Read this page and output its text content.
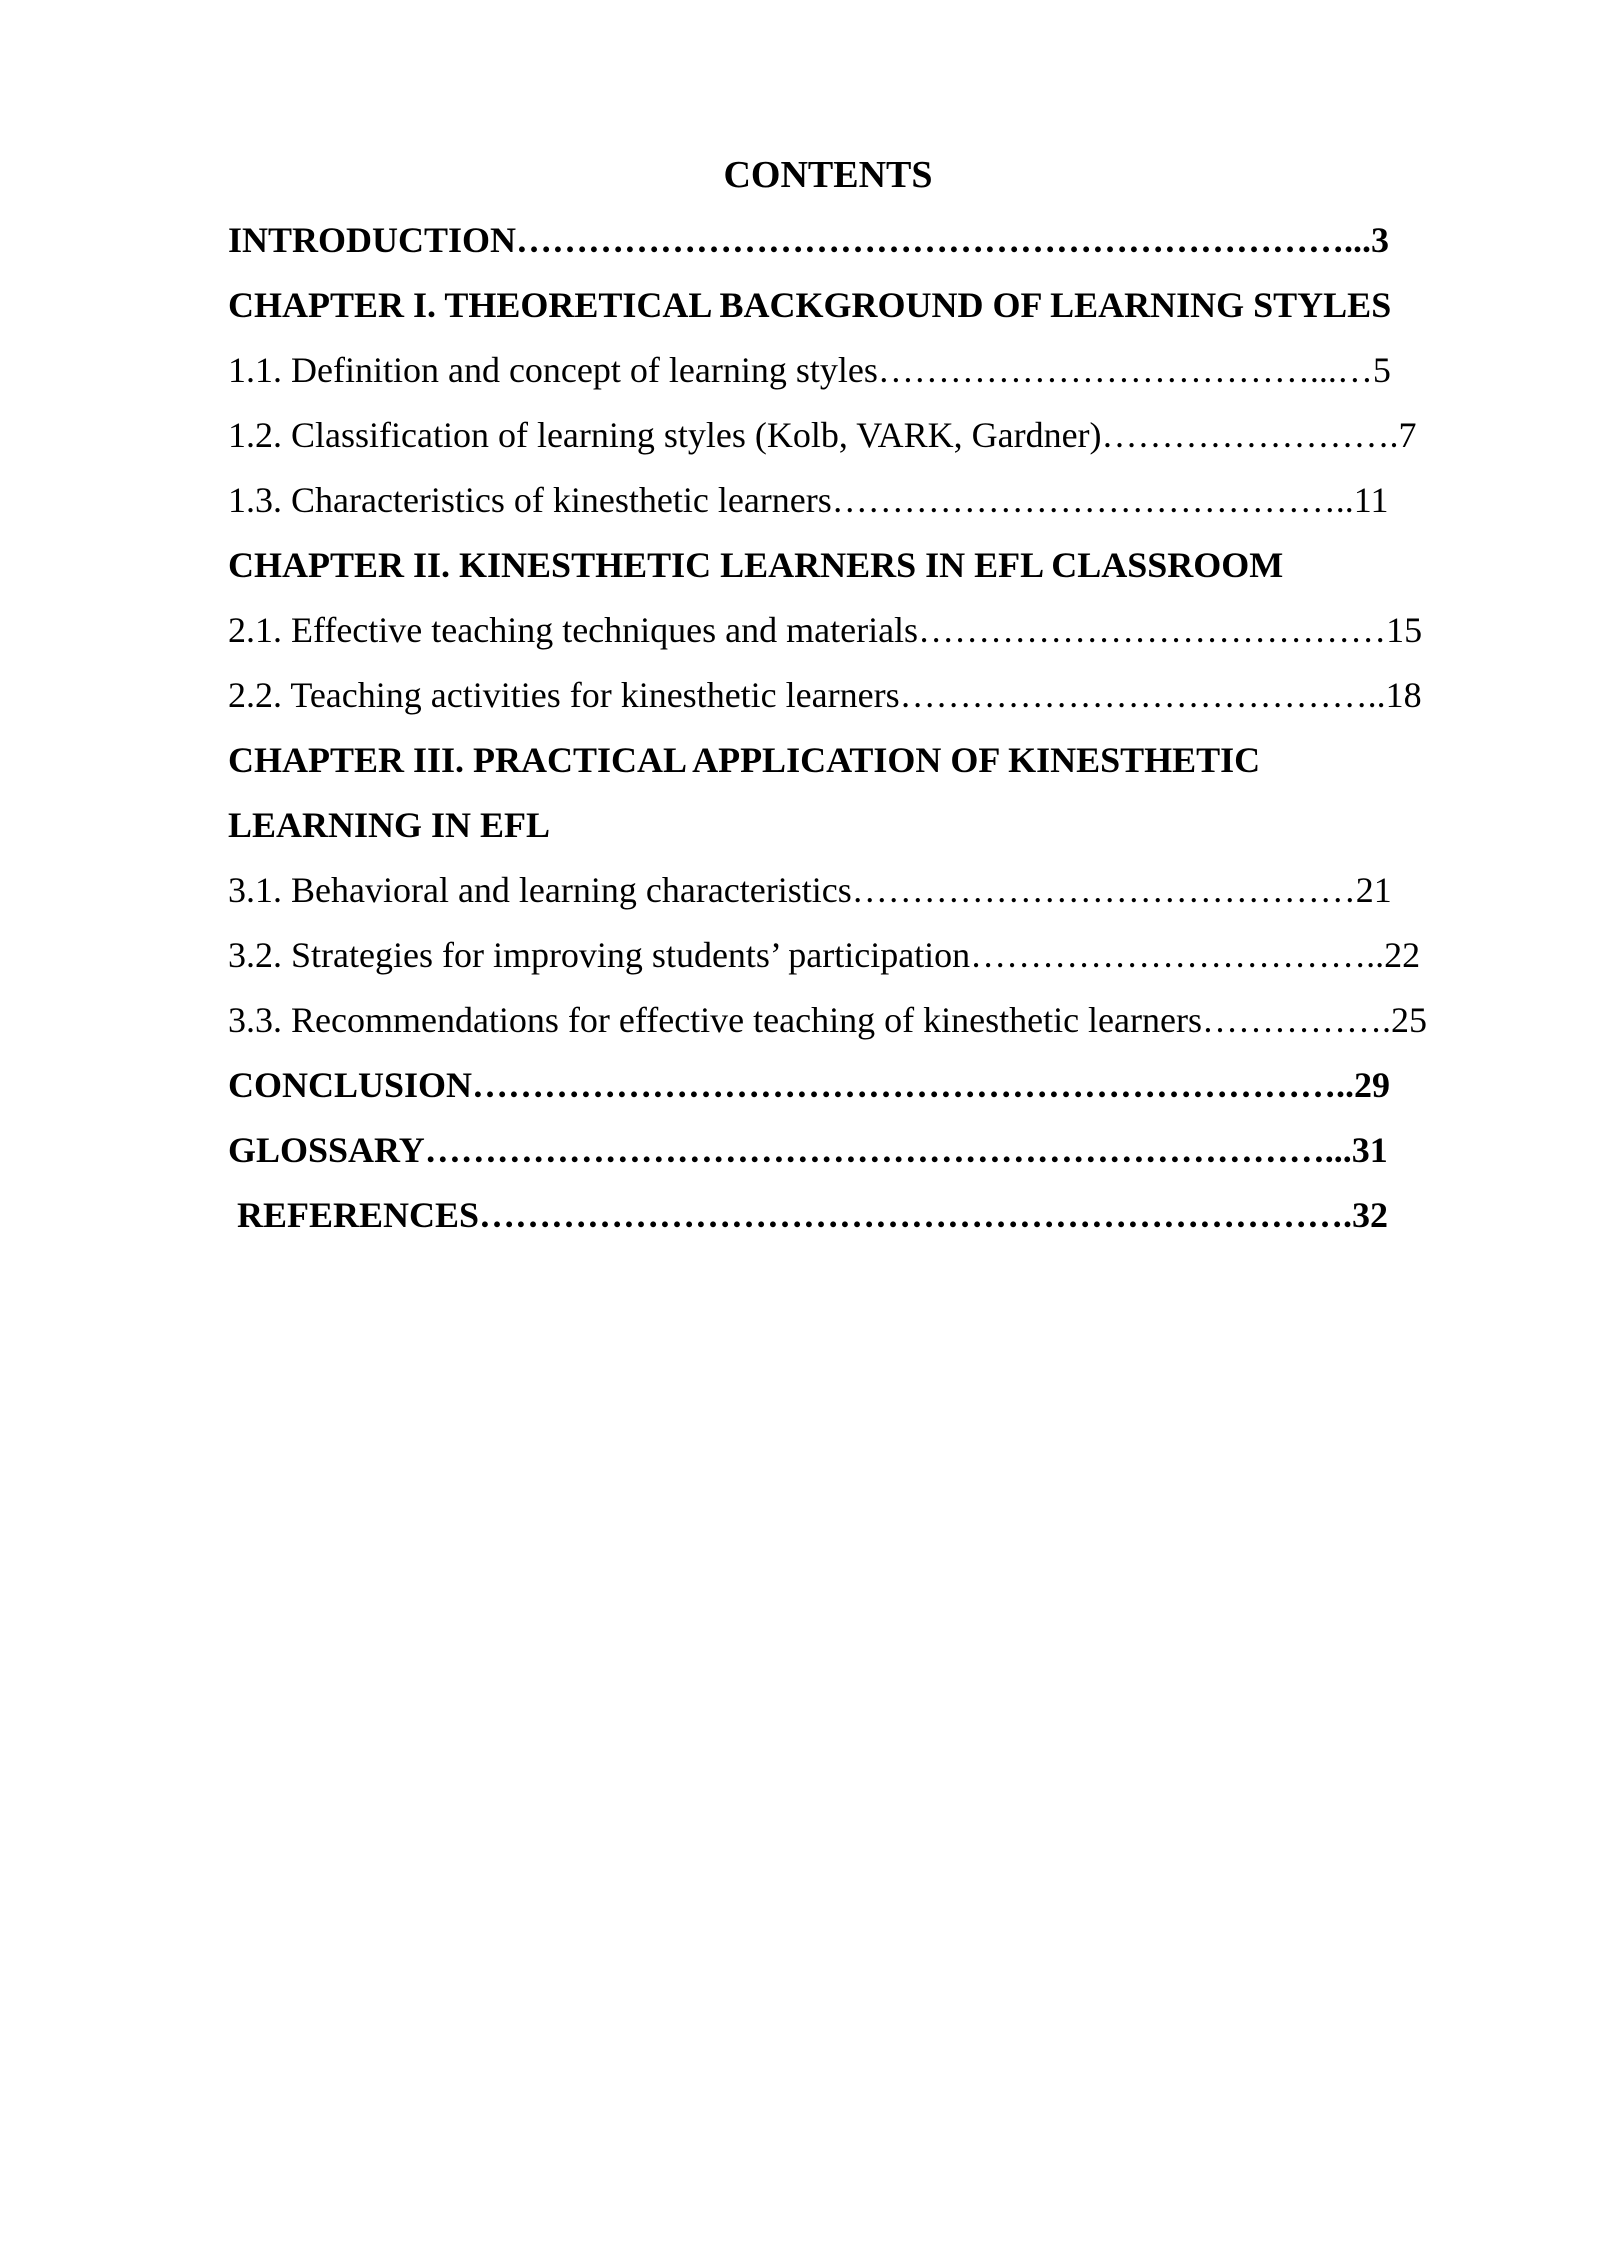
CONTENTS
INTRODUCTION……………………………………………………………...3
CHAPTER I. THEORETICAL BACKGROUND OF LEARNING STYLES
1.1. Definition and concept of learning styles………………………………...…5
1.2. Classification of learning styles (Kolb, VARK, Gardner)…………………….7
1.3. Characteristics of kinesthetic learners……………………………………..11
CHAPTER II. KINESTHETIC LEARNERS IN EFL CLASSROOM
2.1. Effective teaching techniques and materials…………………………………15
2.2. Teaching activities for kinesthetic learners…………………………………..18
CHAPTER III. PRACTICAL APPLICATION OF KINESTHETIC
LEARNING IN EFL
3.1. Behavioral and learning characteristics……………………………………21
3.2. Strategies for improving students’ participation……………………………..22
3.3. Recommendations for effective teaching of kinesthetic learners…………….25
CONCLUSION………………………………………………………………..29
GLOSSARY…………………………………………………………………...31
REFERENCES……………………………………………………………….32
